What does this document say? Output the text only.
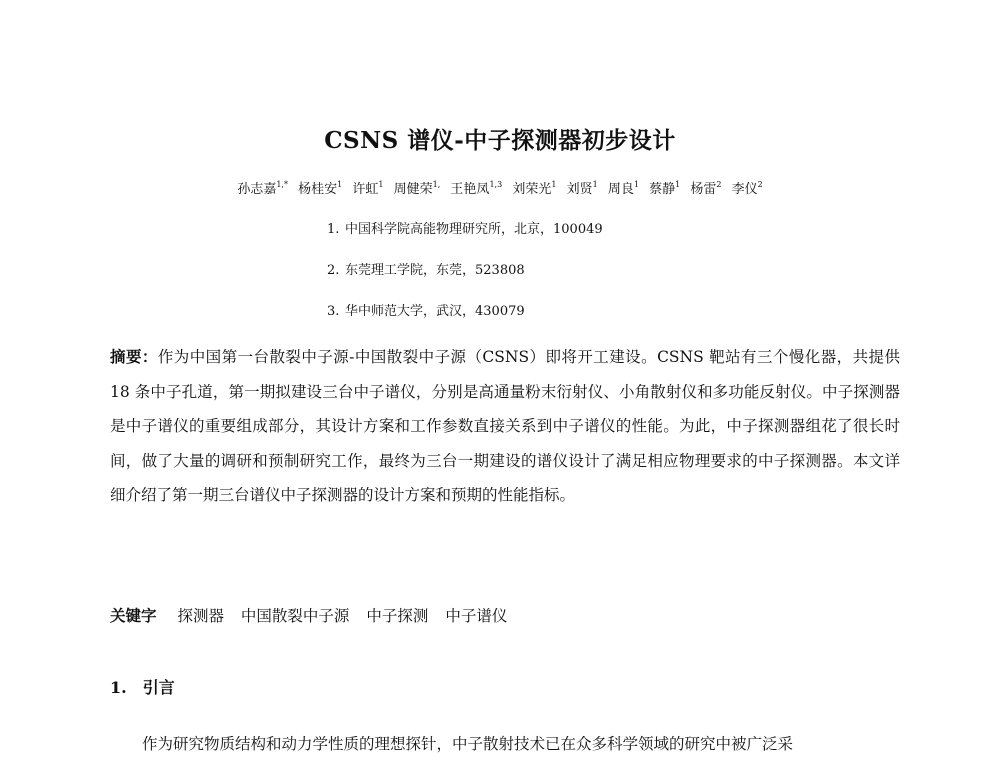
CSNS 谱仪-中子探测器初步设计
孙志嘉$^{1,*}$ 杨桂安$^1$ 许虹$^1$ 周健荣$^{1,}$ 王艳凤$^{1,3}$ 刘荣光$^1$ 刘贤$^1$ 周良$^1$ 蔡静$^1$ 杨雷$^2$ 李仪$^2$
1. 中国科学院高能物理研究所，北京，100049
2. 东莞理工学院，东莞，523808
3. 华中师范大学，武汉，430079
摘要：作为中国第一台散裂中子源-中国散裂中子源（CSNS）即将开工建设。CSNS 靶站有三个慢化器，共提供 18 条中子孔道，第一期拟建设三台中子谱仪，分别是高通量粉末衍射仪、小角散射仪和多功能反射仪。中子探测器是中子谱仪的重要组成部分，其设计方案和工作参数直接关系到中子谱仪的性能。为此，中子探测器组花了很长时间，做了大量的调研和预制研究工作，最终为三台一期建设的谱仪设计了满足相应物理要求的中子探测器。本文详细介绍了第一期三台谱仪中子探测器的设计方案和预期的性能指标。
关键字 探测器 中国散裂中子源 中子探测 中子谱仪
1. 引言
作为研究物质结构和动力学性质的理想探针，中子散射技术已在众多科学领域的研究中被广泛采
